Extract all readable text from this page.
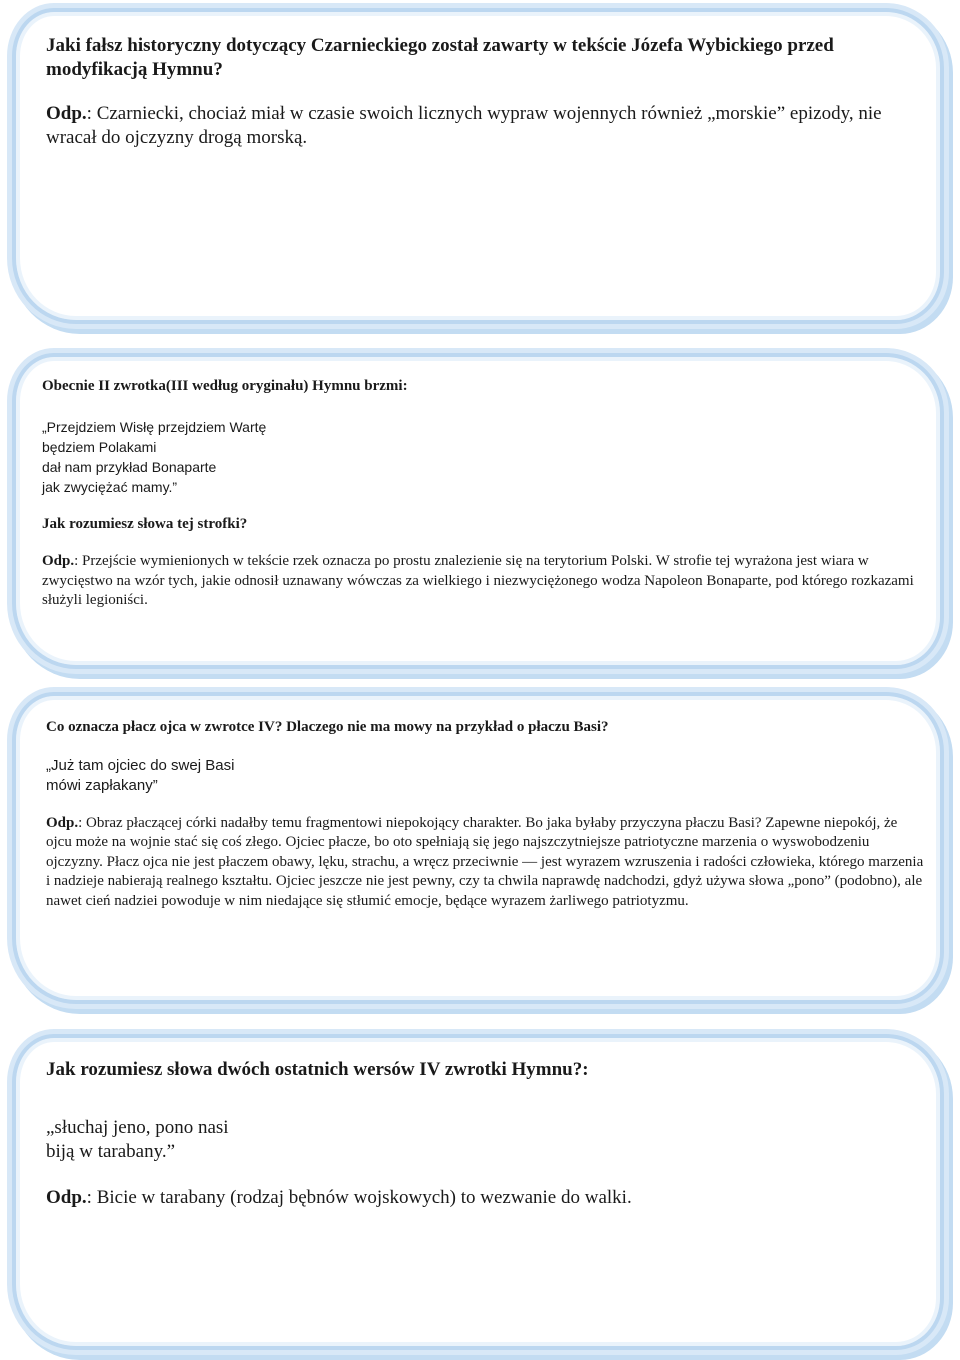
Jaki fałsz historyczny dotyczący Czarnieckiego został zawarty w tekście Józefa Wybickiego przed modyfikacją Hymnu?

Odp.: Czarniecki, chociaż miał w czasie swoich licznych wypraw wojennych również „morskie” epizody, nie wracał do ojczyzny drogą morską.

Obecnie II zwrotka(III według oryginału) Hymnu brzmi:

„Przejdziem Wisłę przejdziem Wartę
będziem Polakami
dał nam przykład Bonaparte
jak zwyciężać mamy.”

Jak rozumiesz słowa tej strofki?

Odp.: Przejście wymienionych w tekście rzek oznacza po prostu znalezienie się na terytorium Polski. W strofie tej wyrażona jest wiara w zwycięstwo na wzór tych, jakie odnosił uznawany wówczas za wielkiego i niezwyciężonego wodza Napoleon Bonaparte, pod którego rozkazami służyli legioniści.

Co oznacza płacz ojca w zwrotce IV? Dlaczego nie ma mowy na przykład o płaczu Basi?

„Już tam ojciec do swej Basi
mówi zapłakany”

Odp.: Obraz płaczącej córki nadałby temu fragmentowi niepokojący charakter. Bo jaka byłaby przyczyna płaczu Basi? Zapewne niepokój, że ojcu może na wojnie stać się coś złego. Ojciec płacze, bo oto spełniają się jego najszczytniejsze patriotyczne marzenia o wyswobodzeniu ojczyzny. Płacz ojca nie jest płaczem obawy, lęku, strachu, a wręcz przeciwnie — jest wyrazem wzruszenia i radości człowieka, którego marzenia i nadzieje nabierają realnego kształtu. Ojciec jeszcze nie jest pewny, czy ta chwila naprawdę nadchodzi, gdyż używa słowa „pono” (podobno), ale nawet cień nadziei powoduje w nim niedające się stłumić emocje, będące wyrazem żarliwego patriotyzmu.

Jak rozumiesz słowa dwóch ostatnich wersów IV zwrotki Hymnu?:

„słuchaj jeno, pono nasi
biją w tarabany.”

Odp.: Bicie w tarabany (rodzaj bębnów wojskowych) to wezwanie do walki.
